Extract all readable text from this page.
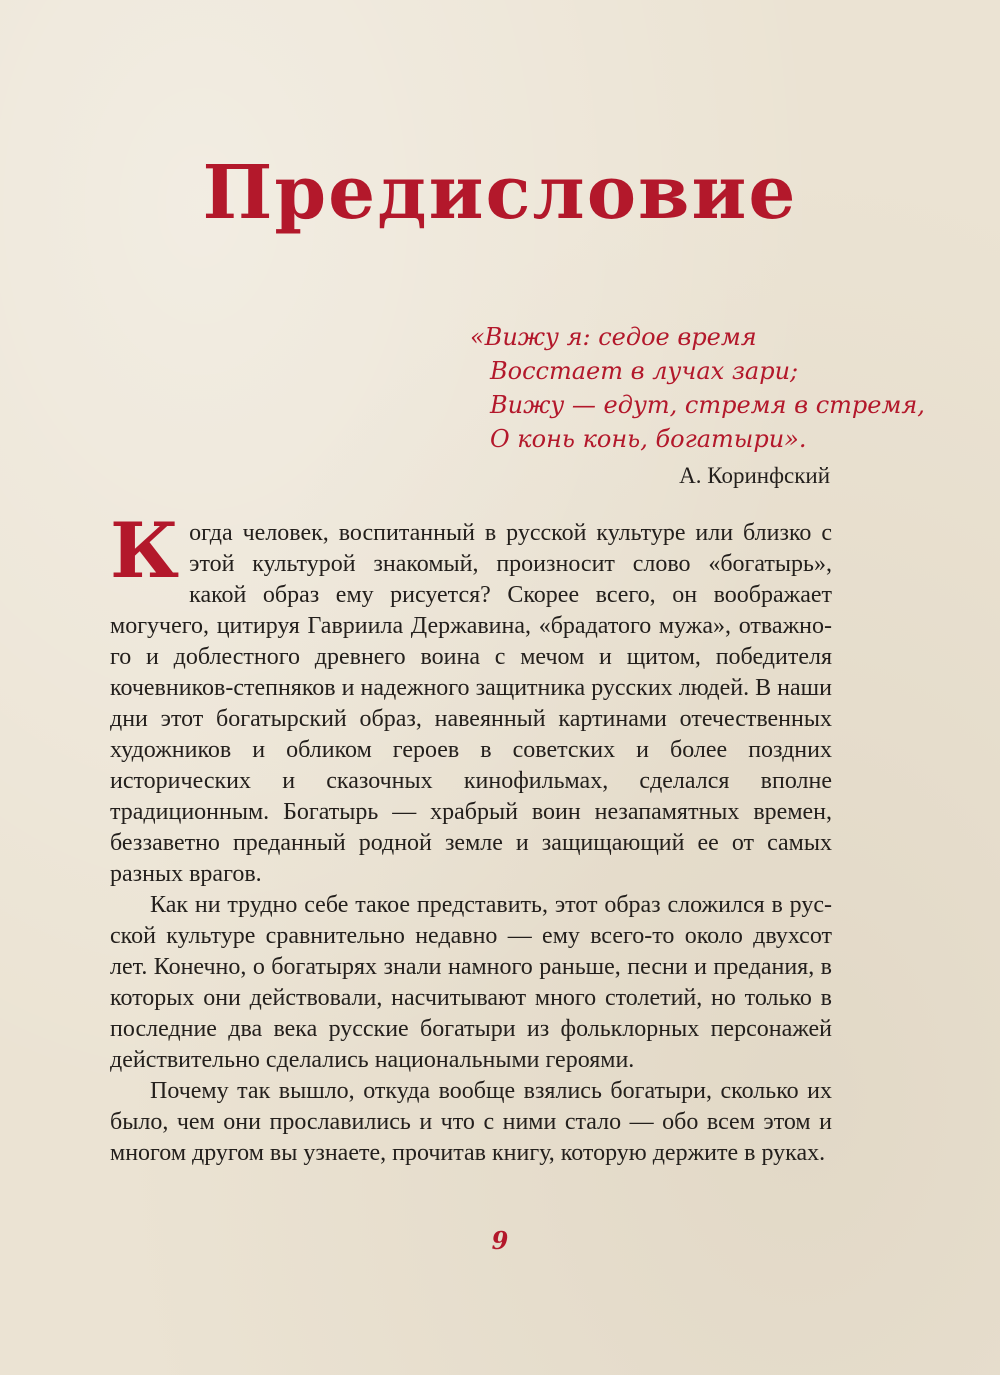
Предисловие
«Вижу я: седое время
Восстает в лучах зари;
Вижу — едут, стремя в стремя,
О конь конь, богатыри».
А. Коринфский

Когда человек, воспитанный в русской культуре или близко с этой культурой знакомый, произносит слово «богатырь», какой образ ему рисуется? Скорее всего, он воображает могучего, цитируя Гавриила Державина, «брадатого мужа», отважного и доблестного древнего воина с мечом и щитом, победителя кочевников-степняков и надежного защитника русских людей. В наши дни этот богатырский образ, навеянный картинами отечественных художников и обликом героев в советских и более поздних исторических и сказочных кинофильмах, сделался вполне традиционным. Богатырь — храбрый воин незапамятных времен, беззаветно преданный родной земле и защищающий ее от самых разных врагов.

Как ни трудно себе такое представить, этот образ сложился в русской культуре сравнительно недавно — ему всего-то около двухсот лет. Конечно, о богатырях знали намного раньше, песни и предания, в которых они действовали, насчитывают много столетий, но только в последние два века русские богатыри из фольклорных персонажей действительно сделались национальными героями.

Почему так вышло, откуда вообще взялись богатыри, сколько их было, чем они прославились и что с ними стало — обо всем этом и многом другом вы узнаете, прочитав книгу, которую держите в руках.

9
